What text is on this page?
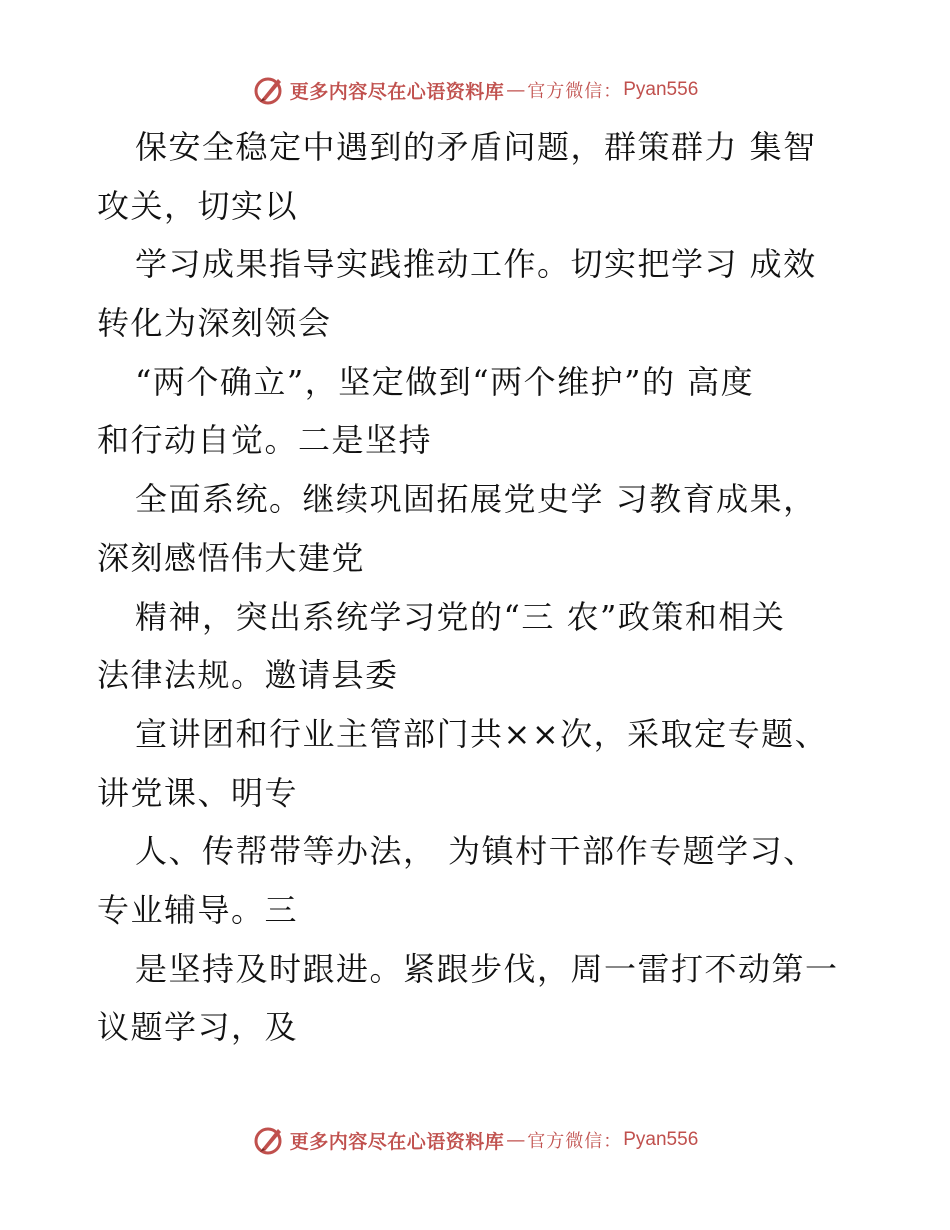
更多内容尽在心语资料库 — 官方微信 ： Pyan556
保安全稳定中遇到的矛盾问题，群策群力 集智
攻关，切实以
学习成果指导实践推动工作。切实把学习 成效
转化为深刻领会
“两个确立”，坚定做到“两个维护”的 高度
和行动自觉。二是坚持
全面系统。继续巩固拓展党史学 习教育成果，
深刻感悟伟大建党
精神，突出系统学习党的“三 农”政策和相关
法律法规。邀请县委
宣讲团和行业主管部门共××次，采取定专题、
讲党课、明专
人、传帮带等办法， 为镇村干部作专题学习、
专业辅导。三
是坚持及时跟进。紧跟步伐，周一雷打不动第一
议题学习，及
更多内容尽在心语资料库 — 官方微信 ： Pyan556
